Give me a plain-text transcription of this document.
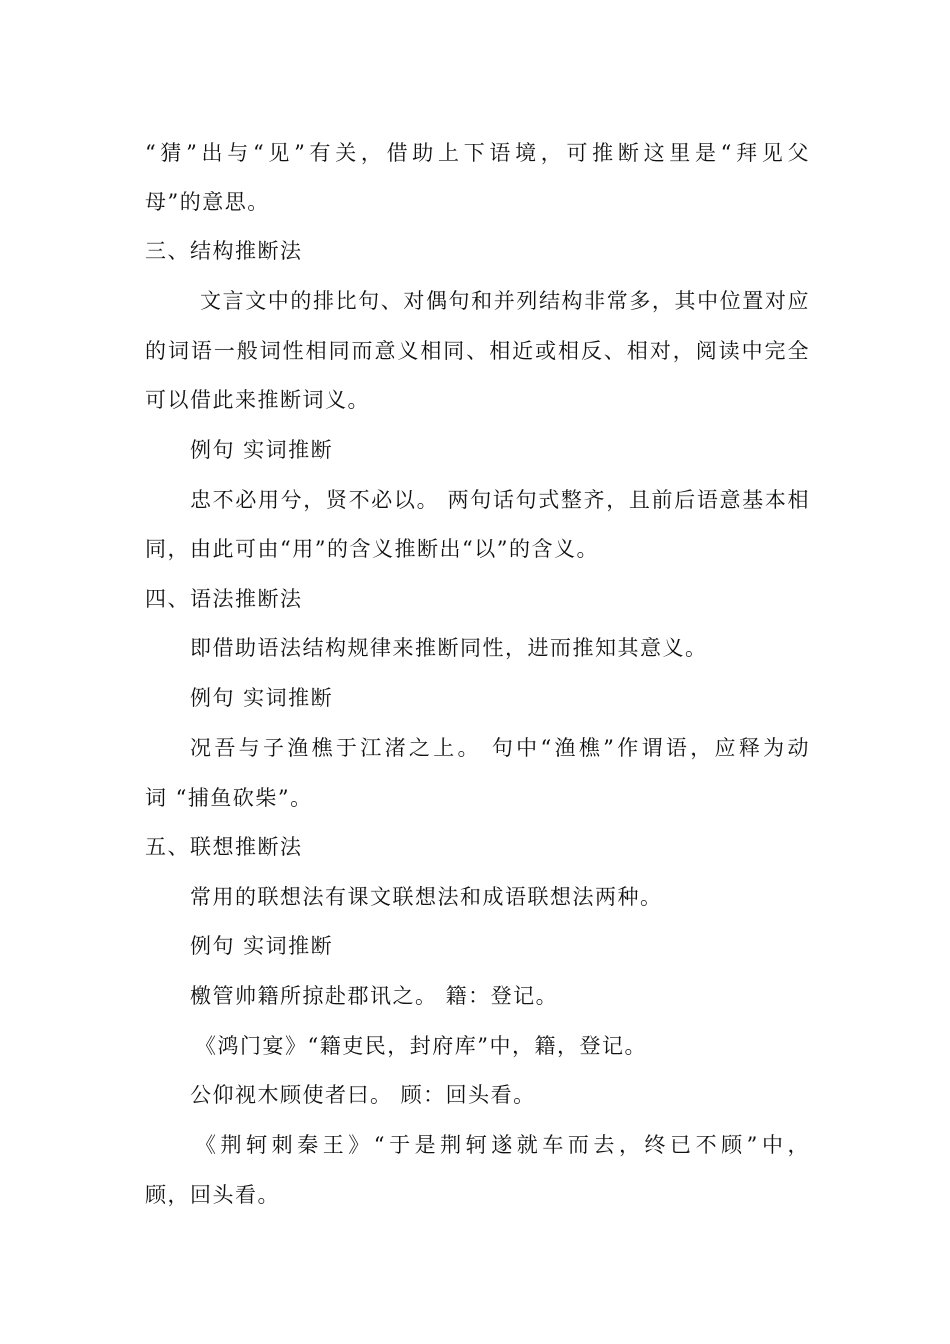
“猜”出与“见”有关，借助上下语境，可推断这里是“拜见父
母”的意思。
三、结构推断法
文言文中的排比句、对偶句和并列结构非常多，其中位置对应
的词语一般词性相同而意义相同、相近或相反、相对，阅读中完全
可以借此来推断词义。
例句 实词推断
忠不必用兮，贤不必以。 两句话句式整齐，且前后语意基本相
同，由此可由“用”的含义推断出“以”的含义。
四、语法推断法
即借助语法结构规律来推断同性，进而推知其意义。
例句 实词推断
况吾与子渔樵于江渚之上。 句中“渔樵”作谓语，应释为动
词 “捕鱼砍柴”。
五、联想推断法
常用的联想法有课文联想法和成语联想法两种。
例句 实词推断
檄管帅籍所掠赴郡讯之。 籍：登记。
《鸿门宴》“籍吏民，封府库”中，籍，登记。
公仰视木顾使者曰。 顾：回头看。
《荆轲刺秦王》“于是荆轲遂就车而去，终已不顾”中，
顾，回头看。
